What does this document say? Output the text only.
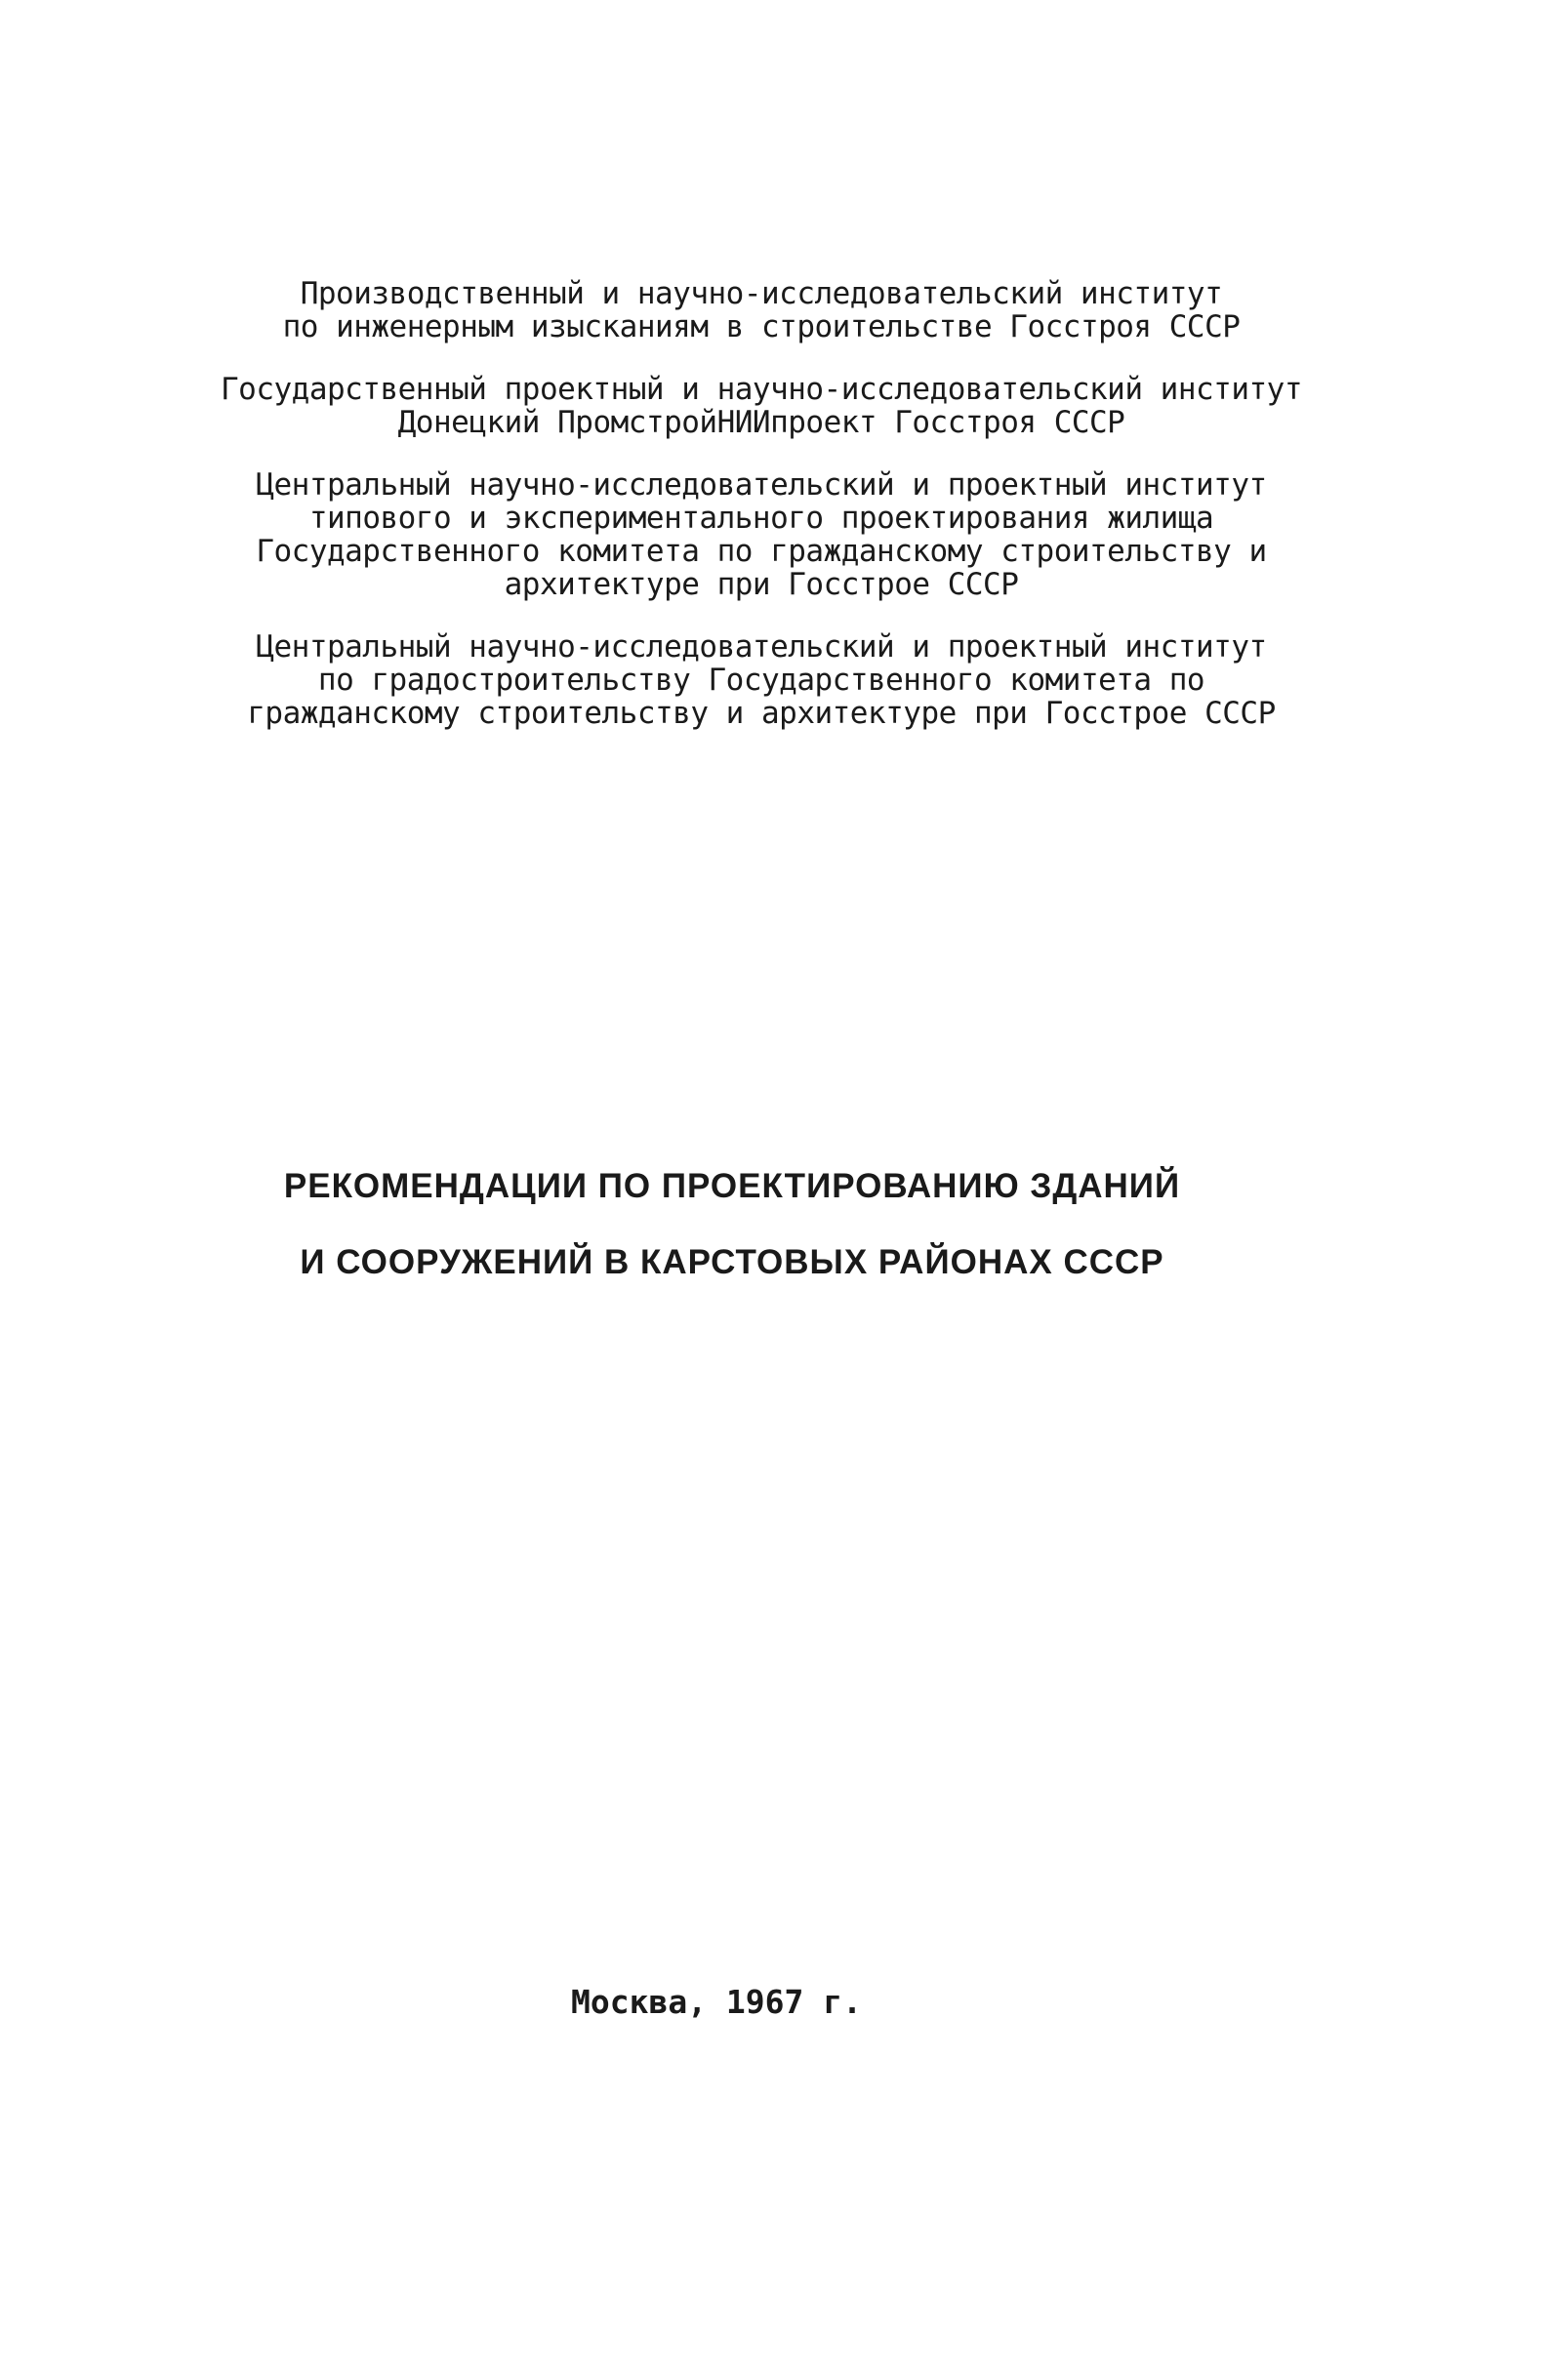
Производственный и научно-исследовательский институт
по инженерным изысканиям в строительстве Госстроя СССР
Государственный проектный и научно-исследовательский институт
Донецкий ПромстройНИИпроект Госстроя СССР
Центральный научно-исследовательский и проектный институт
типового и экспериментального проектирования жилища
Государственного комитета по гражданскому строительству и
архитектуре при Госстрое СССР
Центральный научно-исследовательский и проектный институт
по градостроительству Государственного комитета по
гражданскому строительству и архитектуре при Госстрое СССР
РЕКОМЕНДАЦИИ ПО ПРОЕКТИРОВАНИЮ ЗДАНИЙ
И СООРУЖЕНИЙ В КАРСТОВЫХ РАЙОНАХ СССР
Москва, 1967 г.
